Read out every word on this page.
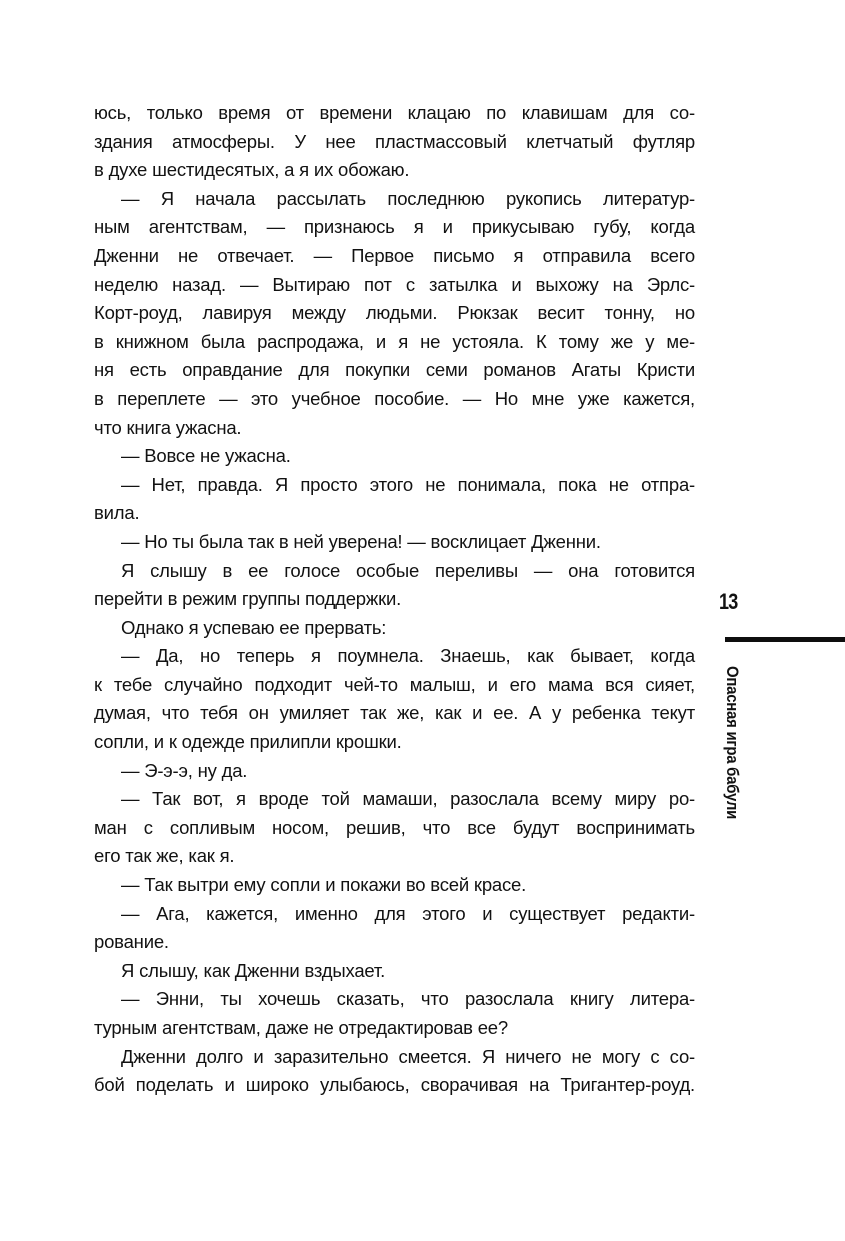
юсь, только время от времени клацаю по клавишам для со-
здания атмосферы. У нее пластмассовый клетчатый футляр
в духе шестидесятых, а я их обожаю.
— Я начала рассылать последнюю рукопись литератур-
ным агентствам, — признаюсь я и прикусываю губу, когда
Дженни не отвечает. — Первое письмо я отправила всего
неделю назад. — Вытираю пот с затылка и выхожу на Эрлс-
Корт-роуд, лавируя между людьми. Рюкзак весит тонну, но
в книжном была распродажа, и я не устояла. К тому же у ме-
ня есть оправдание для покупки семи романов Агаты Кристи
в переплете — это учебное пособие. — Но мне уже кажется,
что книга ужасна.
— Вовсе не ужасна.
— Нет, правда. Я просто этого не понимала, пока не отпра-
вила.
— Но ты была так в ней уверена! — восклицает Дженни.
Я слышу в ее голосе особые переливы — она готовится
перейти в режим группы поддержки.
Однако я успеваю ее прервать:
— Да, но теперь я поумнела. Знаешь, как бывает, когда
к тебе случайно подходит чей-то малыш, и его мама вся сияет,
думая, что тебя он умиляет так же, как и ее. А у ребенка текут
сопли, и к одежде прилипли крошки.
— Э-э-э, ну да.
— Так вот, я вроде той мамаши, разослала всему миру ро-
ман с сопливым носом, решив, что все будут воспринимать
его так же, как я.
— Так вытри ему сопли и покажи во всей красе.
— Ага, кажется, именно для этого и существует редакти-
рование.
Я слышу, как Дженни вздыхает.
— Энни, ты хочешь сказать, что разослала книгу литера-
турным агентствам, даже не отредактировав ее?
Дженни долго и заразительно смеется. Я ничего не могу с со-
бой поделать и широко улыбаюсь, сворачивая на Тригантер-роуд.
13
Опасная игра бабули
